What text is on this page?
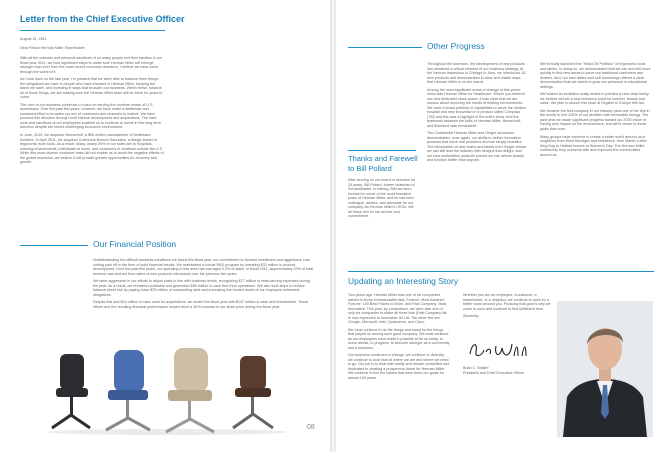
Letter from the Chief Executive Officer
August 31, 2011
Dear Fellow Herman Miller Shareholder,

With all the outlooks and personal sacrifices of so many people and their families in our fiscal year 2011, we took significant steps to make sure Herman Miller will emerge stronger than ever from the most recent economic downturn. I believe we have come through the worst of it.

As I look back on the last year, I'm pleased that we were able to balance three things: the obligations we have to people who have invested in Herman Miller, keeping the talent we have, and investing in ways that broaden our business. Within these, balance all of those things, we are making sure the Herman Miller team will be there for years to come.

The core of our business continues to focus on serving the furniture needs of U.S. businesses. Over the past few years, however, we have made a deliberate and sustained effort to broaden our mix of customers and channels to market. We have pursued this direction through both internal development and acquisitions. The hard work and sacrifices of our employees enabled us to continue to invest in this long-term direction despite the recent challenging economic environment.

In June, 2010, we acquired Nemschoff, a $96 million manufacturer of healthcare furniture. In April 2011, we acquired Colebrook Bosson Saunders, a design leader in ergonomic work tools. As a result, today, nearly 50% of our sales are to hospitals, morning environments, individuals at home, and customers in locations outside the U.S. While this more diverse customer base did not enable us to avoid the negative effects of the global recession, we believe it will provide greater opportunities for recovery and growth.

Our Financial Position

Notwithstanding the difficult business conditions we faced this fiscal year, our commitment to forward investment and aggressive cost-cutting paid off in the form of solid financial results. We maintained a robust R&D program by investing $33 million in product development. Over the past five years, our spending in this area has averaged 3.2% of sales. In fiscal 2011, approximately 33% of total revenue was derived from sales of new products introduced over the previous five years.

We were aggressive in our efforts to adjust costs in line with business levels, recognizing $77 million in restructuring expenses during the year. As a result, we remained profitable and generated $99 million in cash flow from operations. We also took steps to reduce balance sheet risk by paying down $75 million of outstanding debt and increasing the funded levels of our employee retirement obligations.

Despite this and $44 million in cash used for acquisitions, we ended the fiscal year with $147 million in cash and investments. These efforts and the resulting financial performance helped drive a 35% increase in our stock price during the fiscal year.

08
Other Progress

Throughout the downturn, the development of new products has remained a critical element of our business strategy. At the Neocon tradeshow in Chicago in June, we introduced 18 new products and demonstrated in clear and visible ways that Herman Miller is on the march.

Among the most significant areas of change at this year's show was Herman Miller for Healthcare. Where you entered our new dedicated show space, it was clear that we are serious about servicing the needs of healing environments. We have a broad portfolio of capabilities to serve the modern hospital and new innovation in a product called Compass (TM) and this was a highlight of the entire show. And the teamwork between the folks of Herman Miller, Nemschoff, and Brandrud was remarkable.

The Continental Herman Miller and Geiger showroom demonstrated, once again, our ability to deliver innovative products that solve real problems and are simply beautiful. The introduction of new chairs and tables from Geiger shows we can still lead the industry with designs that delight, and our new workstation products proved we can deliver beauty and function better than anyone.

We formally launched the "HelloCW Portfolio" of ergonomic tools and tables. In doing so, we demonstrated that we can and will move quickly to find new areas to serve our traditional customers and dealers. And, our new tables and soft furnishings offered a clear demonstration that we intend to grow our presence in educational settings.

We hosted an exhibition really meant to preview a new chair family we believe will set a new reference point for comfort, beauty and value. We plan to launch this chair at Orgatec in Europe this fall.

We became the first company in our industry (and one of the first in the world) to fuel 100% of our facilities with renewable energy. The past year we made significant progress toward our 2020 vision of having zero impact on the environment, and we're closer to those goals than ever.

Many groups have continue to create a better world around us in neighbors from West Michigan and elsewhere, from Martin Luther King Day to Habitat houses to Women's Day. The Herman Miller community truly connects with and improves the communities around us.

Thanks and Farewell
to Bill Pollard
After serving on our board of directors for 25 years, Bill Pollard, former chairman of ServiceMaster, is retiring. Bill has been involved in some of the most formative years of Herman Miller, and he has been colleague, advisor, and advocate for our company. As Herman Miller's CEOs. We all thank him for his service and commitment.
Updating an Interesting Story

Two years ago, Herman Miller was one of six companies named to three immeasurable lists, Fortune: Most Admired, Fortune: 100 Best Places to Work, and Fast Company: Most Innovative. This year, by comparison, we were also one of only six companies to make all three lists (Fast Company list is now expanded to Innovative 40 Ltd. The other five are Google, Microsoft, Intel, Qualcomm, and Cisco.

We must continue to do the things and stand for the things that played us among such good company. We must continue as our employees have made it possible to be us today, to move ahead, to progress, to become stronger as a community and a business.

Our business continues to change, we continue to diversify, we continue to look hard at where we are and where we need to go. Our job is to deal with reality and remain committed and dedicated to creating a prosperous future for Herman Miller. We continue to live the values that have been our guide for almost 100 years.

Whether you are an employee, a customer, a shareholder, or a neighbor, we continue to work for a better world around you. Pursuing that goal is why we come to work and continue to find fulfillment here.

Sincerely,

Brian C. Walker
President and Chief Executive Officer
